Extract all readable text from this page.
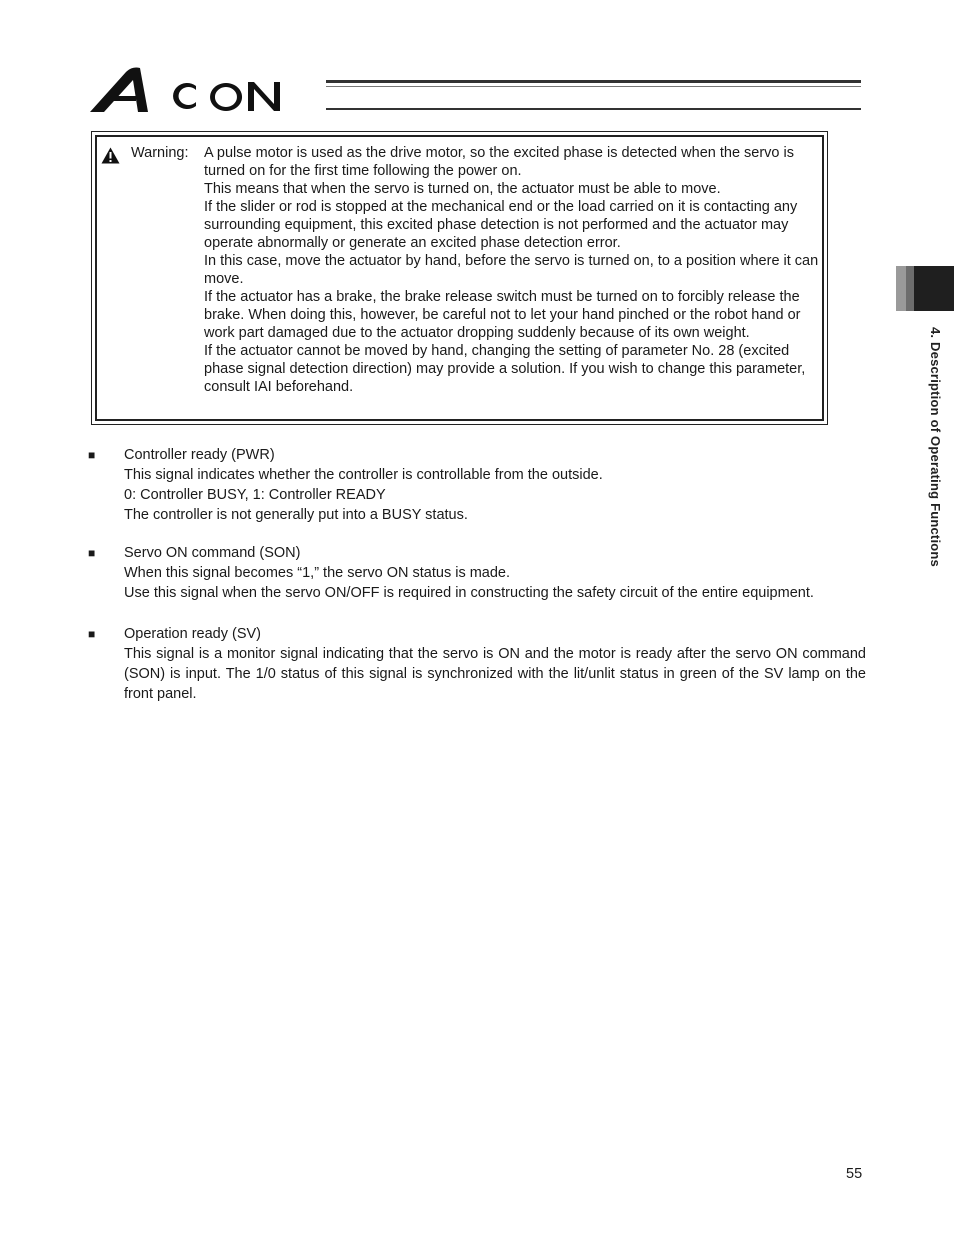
ACON
Warning: A pulse motor is used as the drive motor, so the excited phase is detected when the servo is turned on for the first time following the power on.

This means that when the servo is turned on, the actuator must be able to move.

If the slider or rod is stopped at the mechanical end or the load carried on it is contacting any surrounding equipment, this excited phase detection is not performed and the actuator may operate abnormally or generate an excited phase detection error.

In this case, move the actuator by hand, before the servo is turned on, to a position where it can move.

If the actuator has a brake, the brake release switch must be turned on to forcibly release the brake. When doing this, however, be careful not to let your hand pinched or the robot hand or work part damaged due to the actuator dropping suddenly because of its own weight.

If the actuator cannot be moved by hand, changing the setting of parameter No. 28 (excited phase signal detection direction) may provide a solution. If you wish to change this parameter, consult IAI beforehand.

■ Controller ready (PWR)

This signal indicates whether the controller is controllable from the outside.

0: Controller BUSY, 1: Controller READY

The controller is not generally put into a BUSY status.

■ Servo ON command (SON)

When this signal becomes “1,” the servo ON status is made.

Use this signal when the servo ON/OFF is required in constructing the safety circuit of the entire equipment.

■ Operation ready (SV)

This signal is a monitor signal indicating that the servo is ON and the motor is ready after the servo ON command (SON) is input. The 1/0 status of this signal is synchronized with the lit/unlit status in green of the SV lamp on the front panel.

4. Description of Operating Functions
55
